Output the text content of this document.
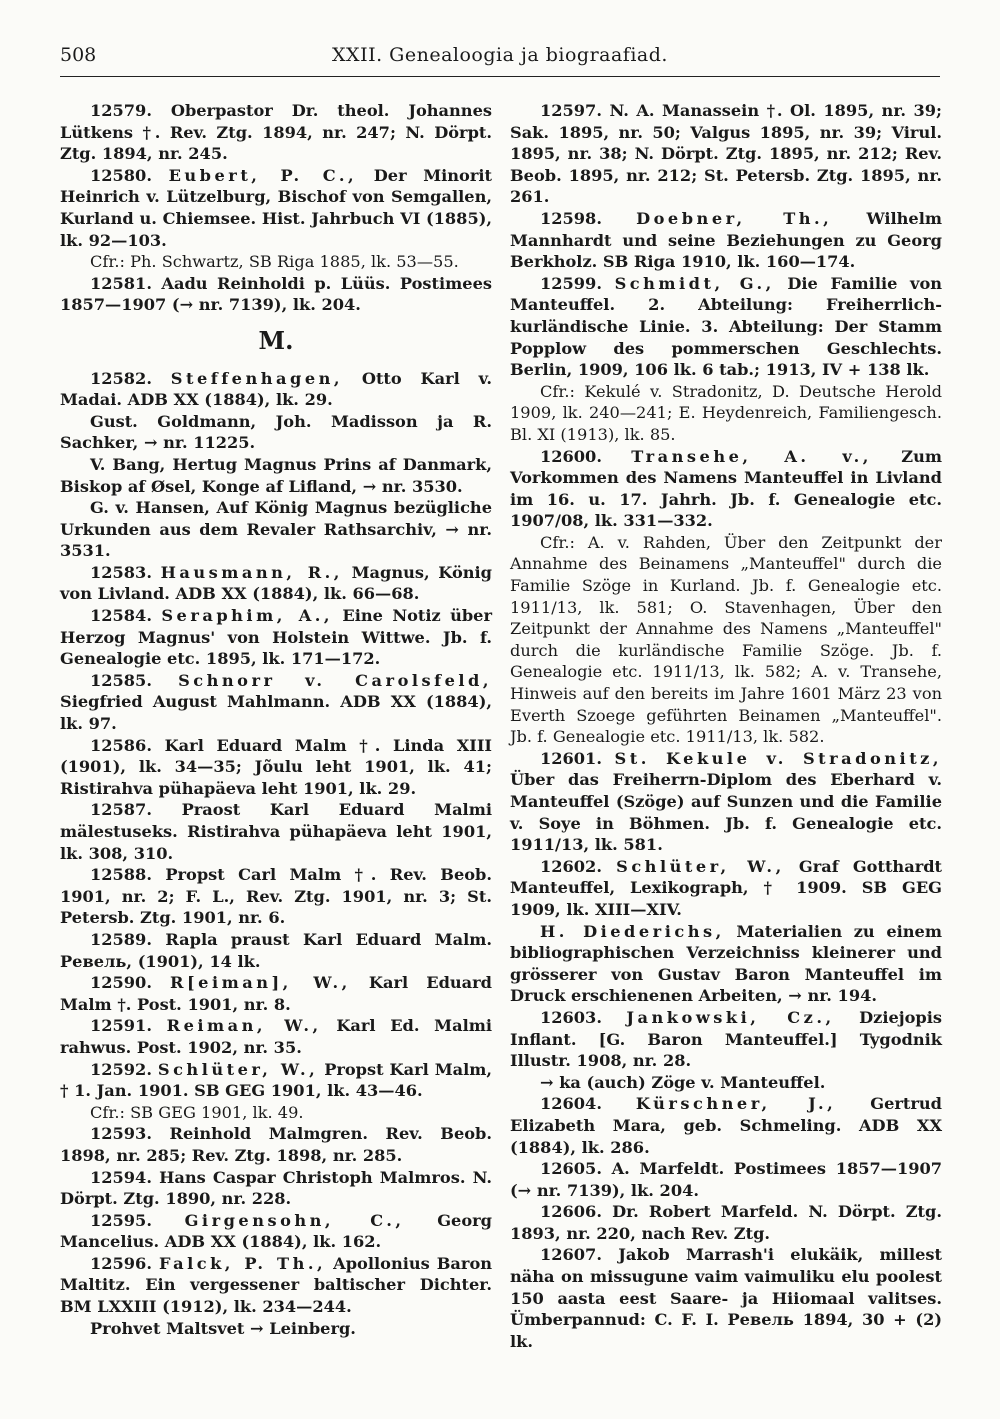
508	XXII. Genealoogia ja biograafiad.

12579. Oberpastor Dr. theol. Johannes Lütkens †. Rev. Ztg. 1894, nr. 247; N. Dörpt. Ztg. 1894, nr. 245.

12580. Eubert, P. C., Der Minorit Heinrich v. Lützelburg, Bischof von Semgallen, Kurland u. Chiemsee. Hist. Jahrbuch VI (1885), lk. 92—103.

Cfr.: Ph. Schwartz, SB Riga 1885, lk. 53—55.

12581. Aadu Reinholdi p. Lüüs. Postimees 1857—1907 (→ nr. 7139), lk. 204.

M.

12582. Steffenhagen, Otto Karl v. Madai. ADB XX (1884), lk. 29.

Gust. Goldmann, Joh. Madisson ja R. Sachker, → nr. 11225.

V. Bang, Hertug Magnus Prins af Danmark, Biskop af Øsel, Konge af Lifland, → nr. 3530.

G. v. Hansen, Auf König Magnus bezügliche Urkunden aus dem Revaler Rathsarchiv, → nr. 3531.

12583. Hausmann, R., Magnus, König von Livland. ADB XX (1884), lk. 66—68.

12584. Seraphim, A., Eine Notiz über Herzog Magnus' von Holstein Wittwe. Jb. f. Genealogie etc. 1895, lk. 171—172.

12585. Schnorr v. Carolsfeld, Siegfried August Mahlmann. ADB XX (1884), lk. 97.

12586. Karl Eduard Malm †. Linda XIII (1901), lk. 34—35; Jõulu leht 1901, lk. 41; Ristirahva pühapäeva leht 1901, lk. 29.

12587. Praost Karl Eduard Malmi mälestuseks. Ristirahva pühapäeva leht 1901, lk. 308, 310.

12588. Propst Carl Malm †. Rev. Beob. 1901, nr. 2; F. L., Rev. Ztg. 1901, nr. 3; St. Petersb. Ztg. 1901, nr. 6.

12589. Rapla praust Karl Eduard Malm. Ревель, (1901), 14 lk.

12590. R[eiman], W., Karl Eduard Malm †. Post. 1901, nr. 8.

12591. Reiman, W., Karl Ed. Malmi rahwus. Post. 1902, nr. 35.

12592. Schlüter, W., Propst Karl Malm, † 1. Jan. 1901. SB GEG 1901, lk. 43—46.

Cfr.: SB GEG 1901, lk. 49.

12593. Reinhold Malmgren. Rev. Beob. 1898, nr. 285; Rev. Ztg. 1898, nr. 285.

12594. Hans Caspar Christoph Malmros. N. Dörpt. Ztg. 1890, nr. 228.

12595. Girgensohn, C., Georg Mancelius. ADB XX (1884), lk. 162.

12596. Falck, P. Th., Apollonius Baron Maltitz. Ein vergessener baltischer Dichter. BM LXXIII (1912), lk. 234—244.

Prohvet Maltsvet → Leinberg.

12597. N. A. Manassein †. Ol. 1895, nr. 39; Sak. 1895, nr. 50; Valgus 1895, nr. 39; Virul. 1895, nr. 38; N. Dörpt. Ztg. 1895, nr. 212; Rev. Beob. 1895, nr. 212; St. Petersb. Ztg. 1895, nr. 261.

12598. Doebner, Th., Wilhelm Mannhardt und seine Beziehungen zu Georg Berkholz. SB Riga 1910, lk. 160—174.

12599. Schmidt, G., Die Familie von Manteuffel. 2. Abteilung: Freiherrlich-kurländische Linie. 3. Abteilung: Der Stamm Popplow des pommerschen Geschlechts. Berlin, 1909, 106 lk. 6 tab.; 1913, IV + 138 lk.

Cfr.: Kekulé v. Stradonitz, D. Deutsche Herold 1909, lk. 240—241; E. Heydenreich, Familiengesch. Bl. XI (1913), lk. 85.

12600. Transehe, A. v., Zum Vorkommen des Namens Manteuffel in Livland im 16. u. 17. Jahrh. Jb. f. Genealogie etc. 1907/08, lk. 331—332.

Cfr.: A. v. Rahden, Über den Zeitpunkt der Annahme des Beinamens „Manteuffel" durch die Familie Szöge in Kurland. Jb. f. Genealogie etc. 1911/13, lk. 581; O. Stavenhagen, Über den Zeitpunkt der Annahme des Namens „Manteuffel" durch die kurländische Familie Szöge. Jb. f. Genealogie etc. 1911/13, lk. 582; A. v. Transehe, Hinweis auf den bereits im Jahre 1601 März 23 von Everth Szoege geführten Beinamen „Manteuffel". Jb. f. Genealogie etc. 1911/13, lk. 582.

12601. St. Kekule v. Stradonitz, Über das Freiherrn-Diplom des Eberhard v. Manteuffel (Szöge) auf Sunzen und die Familie v. Soye in Böhmen. Jb. f. Genealogie etc. 1911/13, lk. 581.

12602. Schlüter, W., Graf Gotthardt Manteuffel, Lexikograph, † 1909. SB GEG 1909, lk. XIII—XIV.

H. Diederichs, Materialien zu einem bibliographischen Verzeichniss kleinerer und grösserer von Gustav Baron Manteuffel im Druck erschienenen Arbeiten, → nr. 194.

12603. Jankowski, Cz., Dziejopis Inflant. [G. Baron Manteuffel.] Tygodnik Illustr. 1908, nr. 28.

→ ka (auch) Zöge v. Manteuffel.

12604. Kürschner, J., Gertrud Elizabeth Mara, geb. Schmeling. ADB XX (1884), lk. 286.

12605. A. Marfeldt. Postimees 1857—1907 (→ nr. 7139), lk. 204.

12606. Dr. Robert Marfeld. N. Dörpt. Ztg. 1893, nr. 220, nach Rev. Ztg.

12607. Jakob Marrash'i elukäik, millest näha on missugune vaim vaimuliku elu poolest 150 aasta eest Saare- ja Hiiomaal valitses. Ümberpannud: C. F. I. Ревель 1894, 30 + (2) lk.
